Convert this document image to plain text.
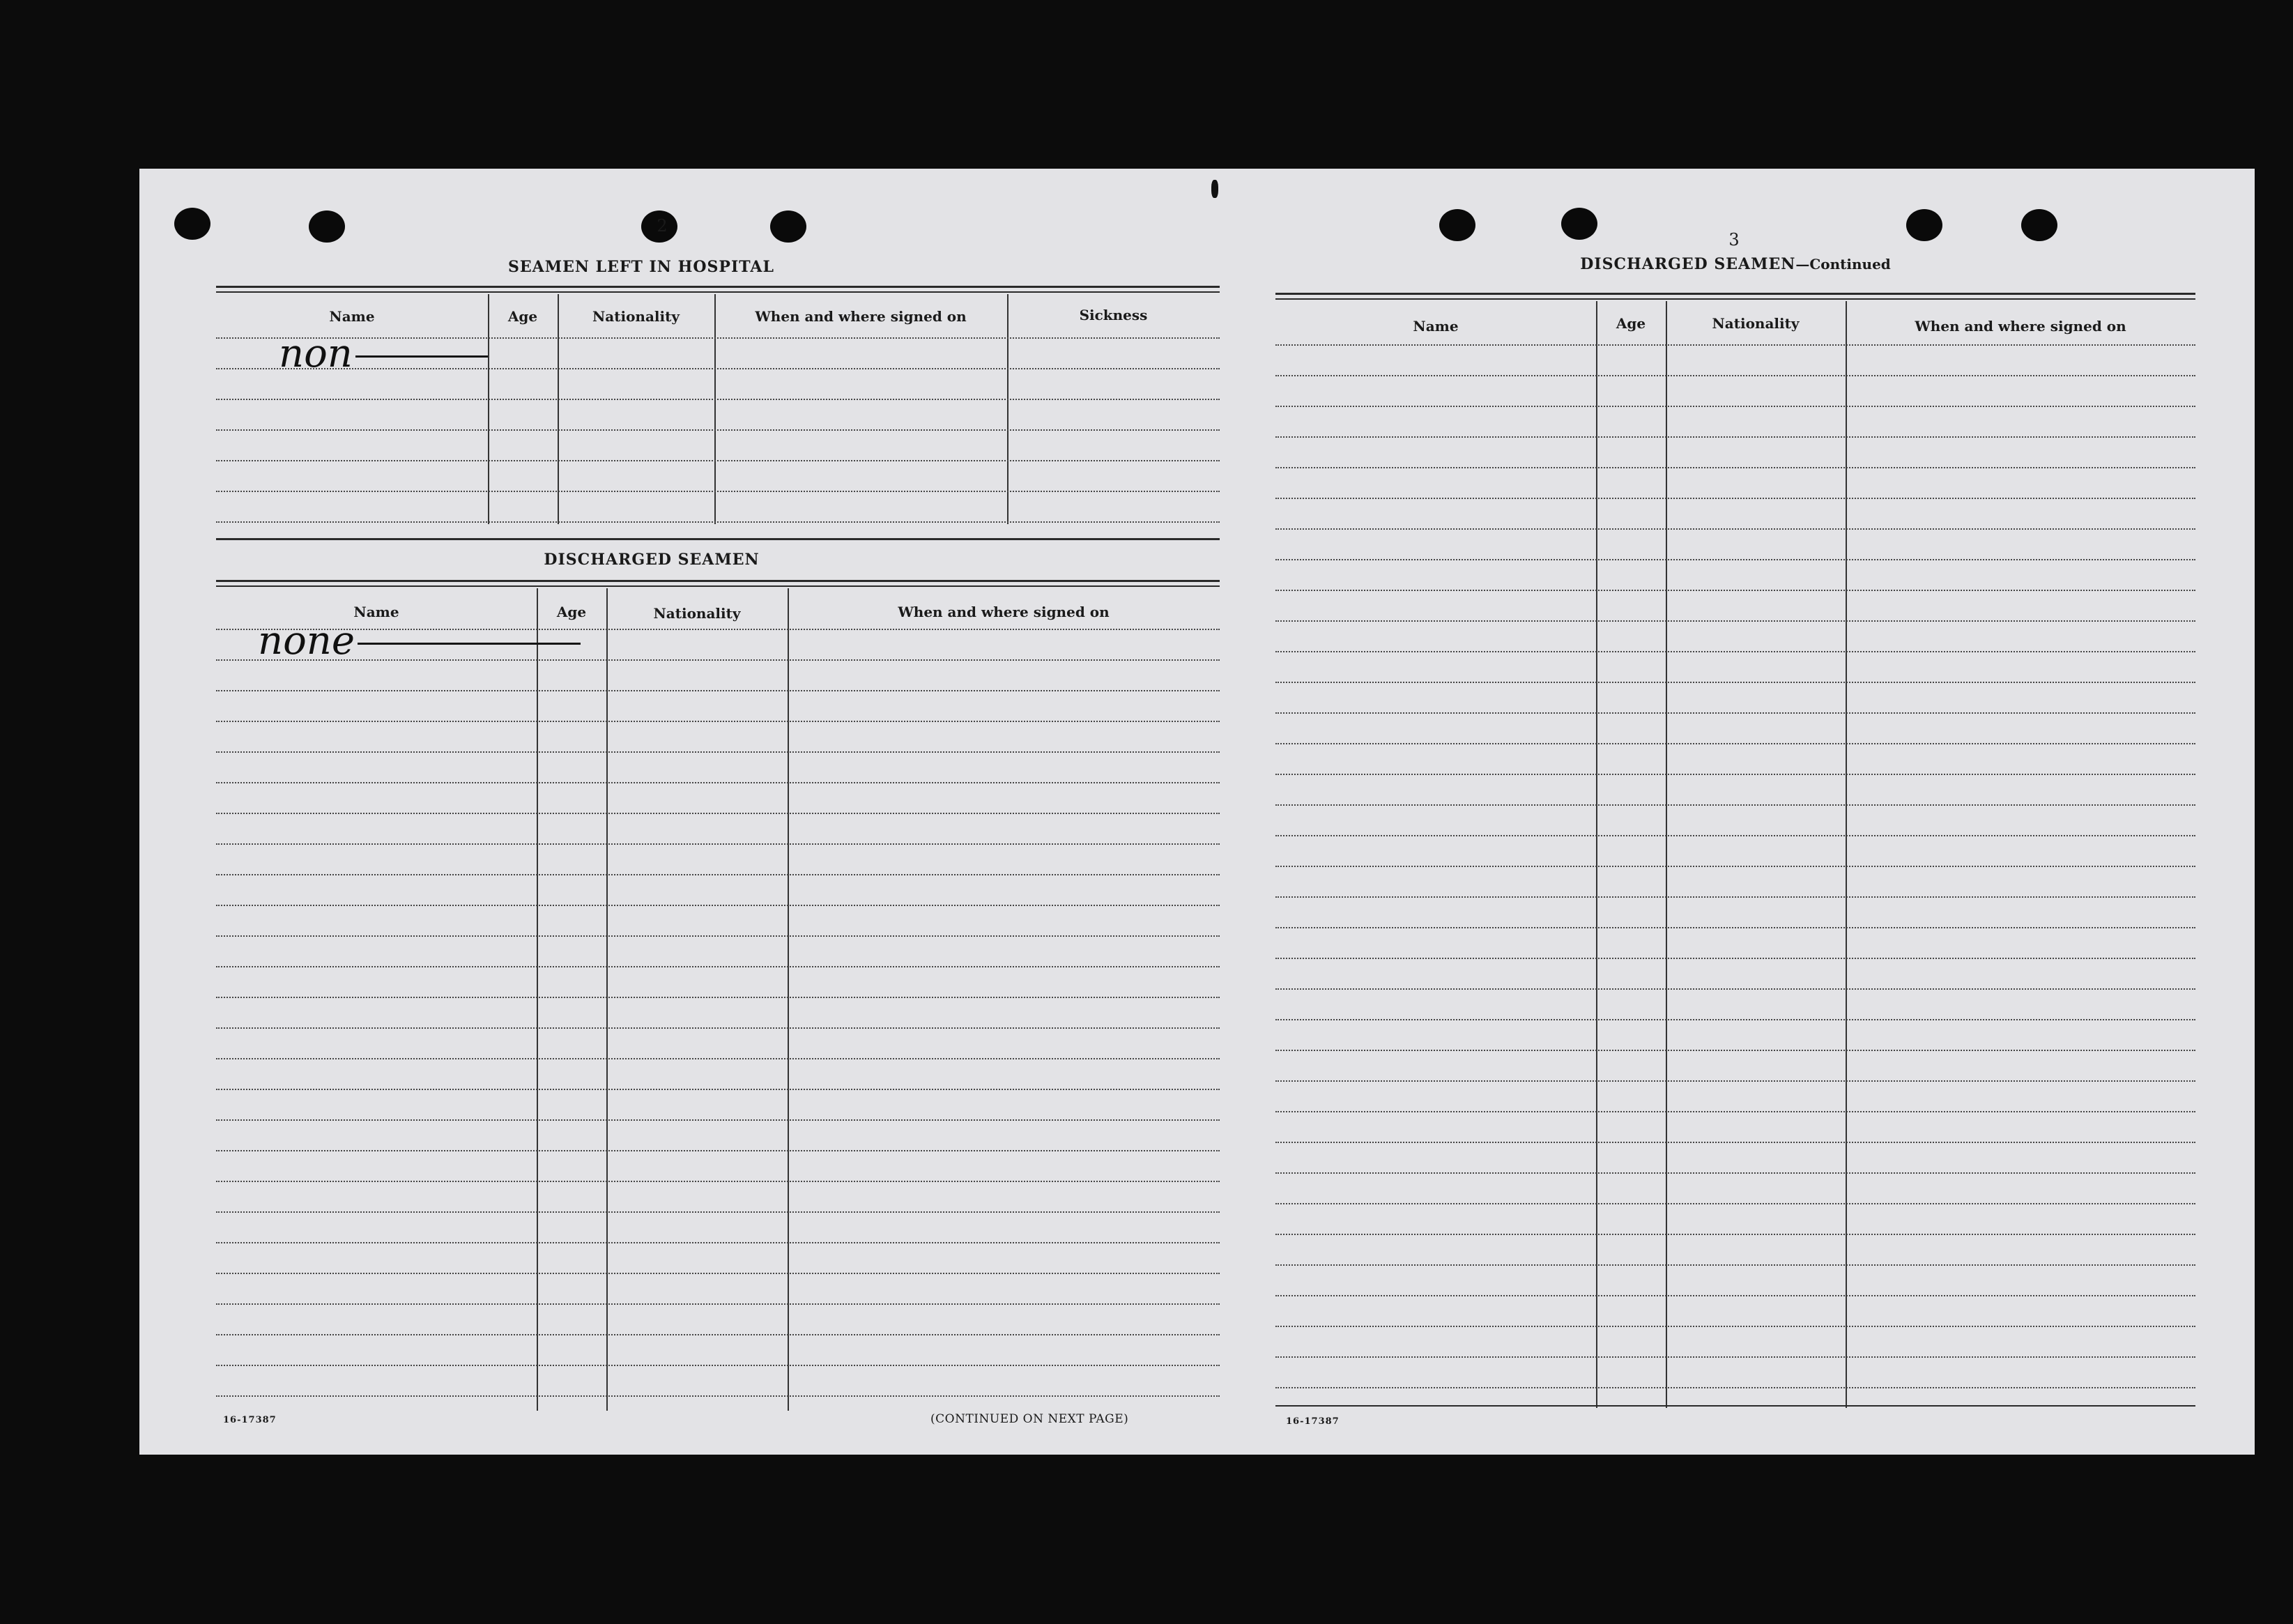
2
SEAMEN LEFT IN HOSPITAL
Name	Age	Nationality	When and where signed on	Sickness
non
DISCHARGED SEAMEN
Name	Age	Nationality	When and where signed on
none
16-17387	(CONTINUED ON NEXT PAGE)
3
DISCHARGED SEAMEN—Continued
Name	Age	Nationality	When and where signed on
16-17387
